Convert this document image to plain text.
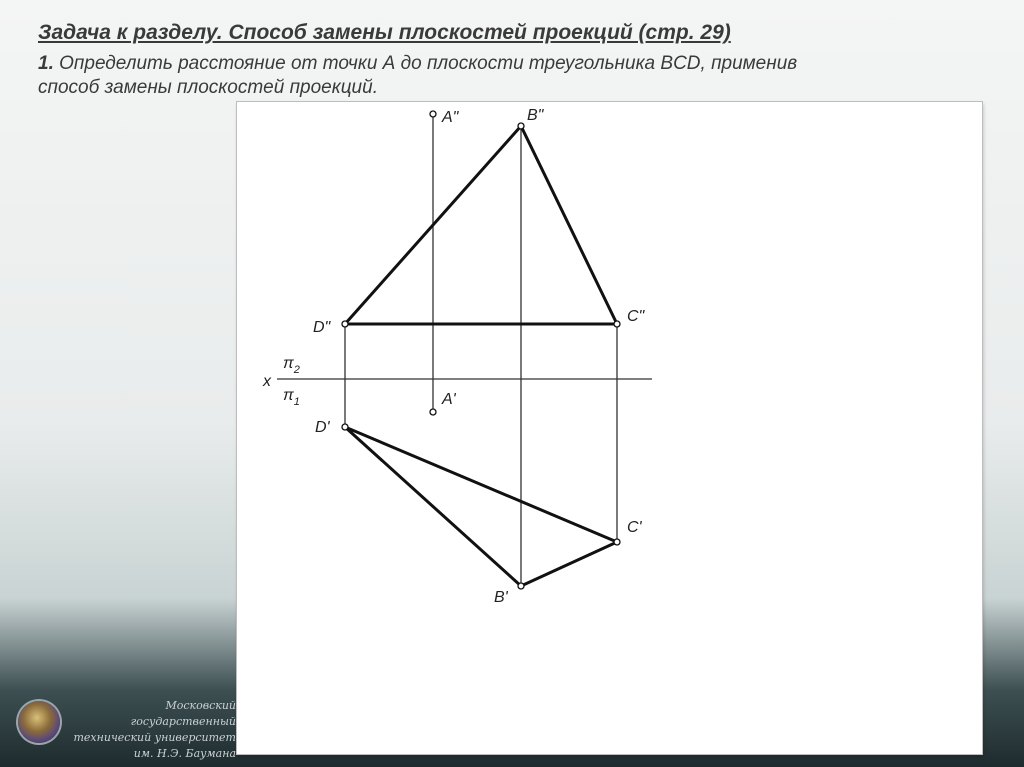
Задача к разделу. Способ замены плоскостей проекций (стр. 29)

1. Определить расстояние от точки А до плоскости треугольника BCD, применив
способ замены плоскостей проекций.

A"	B"
C"
D"
A'
D'
C'
B'
x
$\pi_2$
$\pi_1$
Московский государственный
технический университет
им. Н.Э. Баумана
